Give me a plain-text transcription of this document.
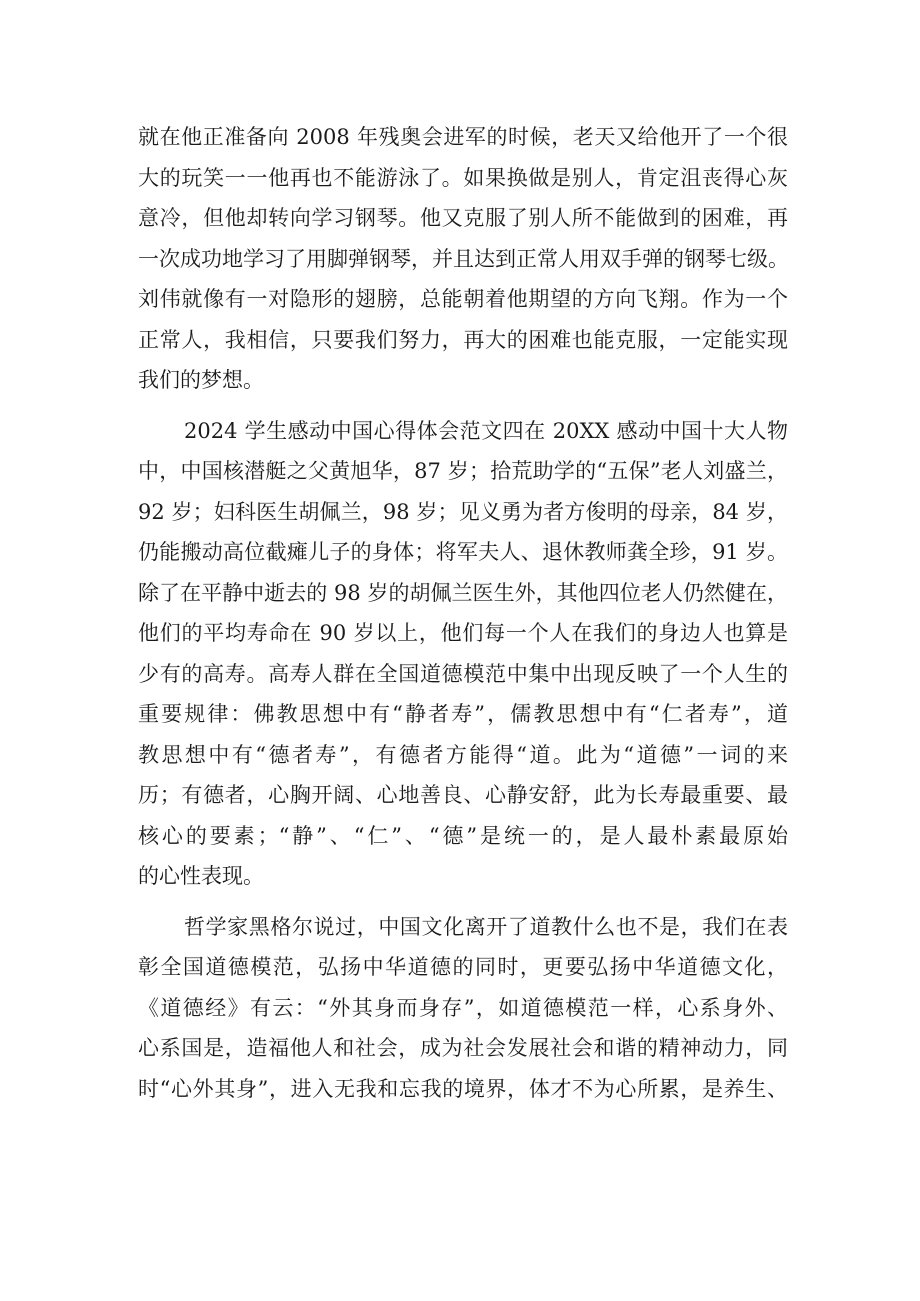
就在他正准备向 2008 年残奥会进军的时候，老天又给他开了一个很
大的玩笑一一他再也不能游泳了。如果换做是别人，肯定沮丧得心灰
意冷，但他却转向学习钢琴。他又克服了别人所不能做到的困难，再
一次成功地学习了用脚弹钢琴，并且达到正常人用双手弹的钢琴七级。
刘伟就像有一对隐形的翅膀，总能朝着他期望的方向飞翔。作为一个
正常人，我相信，只要我们努力，再大的困难也能克服，一定能实现
我们的梦想。
2024 学生感动中国心得体会范文四在 20XX 感动中国十大人物
中，中国核潜艇之父黄旭华，87 岁；拾荒助学的“五保”老人刘盛兰，
92 岁；妇科医生胡佩兰，98 岁；见义勇为者方俊明的母亲，84 岁，
仍能搬动高位截瘫儿子的身体；将军夫人、退休教师龚全珍，91 岁。
除了在平静中逝去的 98 岁的胡佩兰医生外，其他四位老人仍然健在，
他们的平均寿命在 90 岁以上，他们每一个人在我们的身边人也算是
少有的高寿。高寿人群在全国道德模范中集中出现反映了一个人生的
重要规律：佛教思想中有“静者寿”，儒教思想中有“仁者寿”，道
教思想中有“德者寿”，有德者方能得“道。此为“道德”一词的来
历；有德者，心胸开阔、心地善良、心静安舒，此为长寿最重要、最
核心的要素；“静”、“仁”、“德”是统一的，是人最朴素最原始
的心性表现。
哲学家黑格尔说过，中国文化离开了道教什么也不是，我们在表
彰全国道德模范，弘扬中华道德的同时，更要弘扬中华道德文化，
《道德经》有云：“外其身而身存”，如道德模范一样，心系身外、
心系国是，造福他人和社会，成为社会发展社会和谐的精神动力，同
时“心外其身”，进入无我和忘我的境界，体才不为心所累，是养生、
